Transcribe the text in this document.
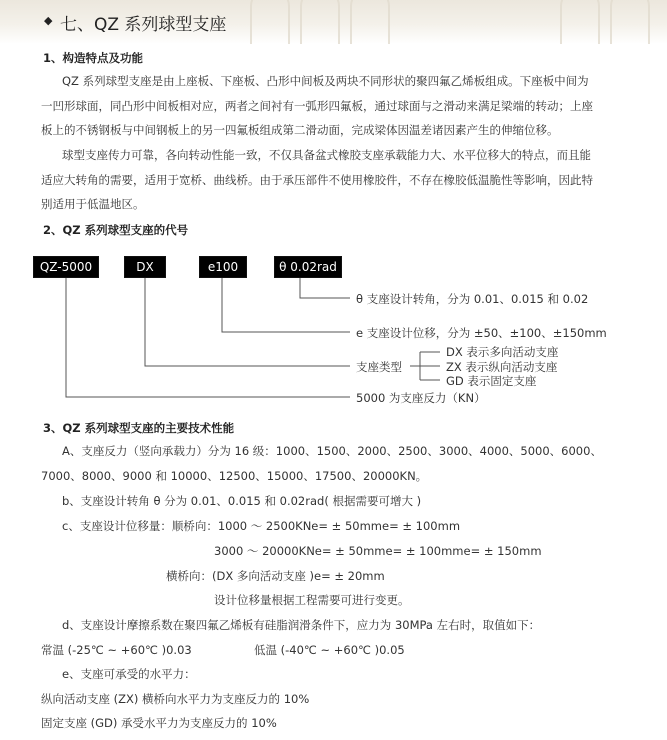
◆ 七、QZ 系列球型支座
1、构造特点及功能
QZ 系列球型支座是由上座板、下座板、凸形中间板及两块不同形状的聚四氟乙烯板组成。下座板中间为
一凹形球面，同凸形中间板相对应，两者之间衬有一弧形四氟板，通过球面与之滑动来满足梁端的转动；上座
板上的不锈钢板与中间钢板上的另一四氟板组成第二滑动面，完成梁体因温差诸因素产生的伸缩位移。
球型支座传力可靠，各向转动性能一致，不仅具备盆式橡胶支座承载能力大、水平位移大的特点，而且能
适应大转角的需要，适用于宽桥、曲线桥。由于承压部件不使用橡胶件，不存在橡胶低温脆性等影响，因此特
别适用于低温地区。
2、QZ 系列球型支座的代号
QZ-5000	DX	e100	θ 0.02rad
θ 支座设计转角，分为 0.01、0.015 和 0.02
e 支座设计位移，分为 ±50、±100、±150mm
支座类型
DX 表示多向活动支座
ZX 表示纵向活动支座
GD 表示固定支座
5000 为支座反力（KN）
3、QZ 系列球型支座的主要技术性能
A、支座反力（竖向承载力）分为 16 级：1000、1500、2000、2500、3000、4000、5000、6000、
7000、8000、9000 和 10000、12500、15000、17500、20000KN。
b、支座设计转角 θ 分为 0.01、0.015 和 0.02rad( 根据需要可增大 )
c、支座设计位移量：顺桥向：1000 ～ 2500KNe= ± 50mme= ± 100mm
3000 ～ 20000KNe= ± 50mme= ± 100mme= ± 150mm
横桥向：(DX 多向活动支座 )e= ± 20mm
设计位移量根据工程需要可进行变更。
d、支座设计摩擦系数在聚四氟乙烯板有硅脂润滑条件下，应力为 30MPa 左右时，取值如下：
常温 (-25℃ ~ +60℃ )0.03	低温 (-40℃ ~ +60℃ )0.05
e、支座可承受的水平力：
纵向活动支座 (ZX) 横桥向水平力为支座反力的 10%
固定支座 (GD) 承受水平力为支座反力的 10%
